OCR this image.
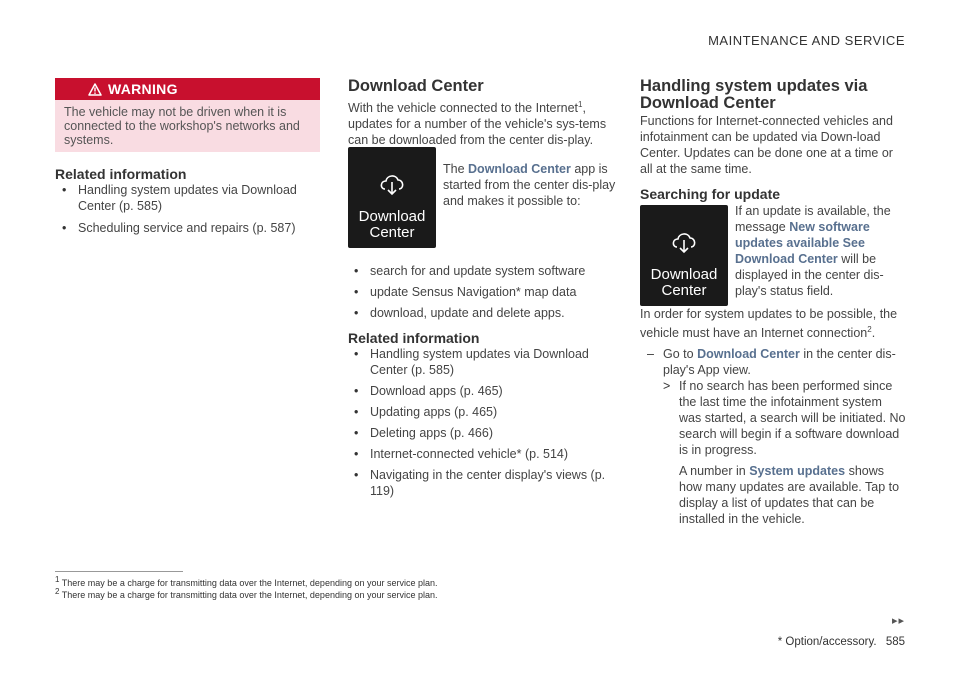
MAINTENANCE AND SERVICE
WARNING
The vehicle may not be driven when it is connected to the workshop's networks and systems.
Related information
• Handling system updates via Download Center (p. 585)
• Scheduling service and repairs (p. 587)
Download Center
With the vehicle connected to the Internet$^1$, updates for a number of the vehicle's sys-tems can be downloaded from the center dis-play.
Download
Center
The Download Center app is started from the center dis-play and makes it possible to:
• search for and update system software
• update Sensus Navigation* map data
• download, update and delete apps.
Related information
• Handling system updates via Download Center (p. 585)
• Download apps (p. 465)
• Updating apps (p. 465)
• Deleting apps (p. 466)
• Internet-connected vehicle* (p. 514)
• Navigating in the center display's views (p. 119)
Handling system updates via Download Center
Functions for Internet-connected vehicles and infotainment can be updated via Down-load Center. Updates can be done one at a time or all at the same time.
Searching for update
Download
Center
If an update is available, the message New software updates available See Download Center will be displayed in the center dis-play's status field.
In order for system updates to be possible, the vehicle must have an Internet connection$^2$.
– Go to Download Center in the center dis-play's App view.
> If no search has been performed since the last time the infotainment system was started, a search will be initiated. No search will begin if a software download is in progress.
A number in System updates shows how many updates are available. Tap to display a list of updates that can be installed in the vehicle.
$^1$ There may be a charge for transmitting data over the Internet, depending on your service plan.
$^2$ There may be a charge for transmitting data over the Internet, depending on your service plan.
▸▸
* Option/accessory. 585
